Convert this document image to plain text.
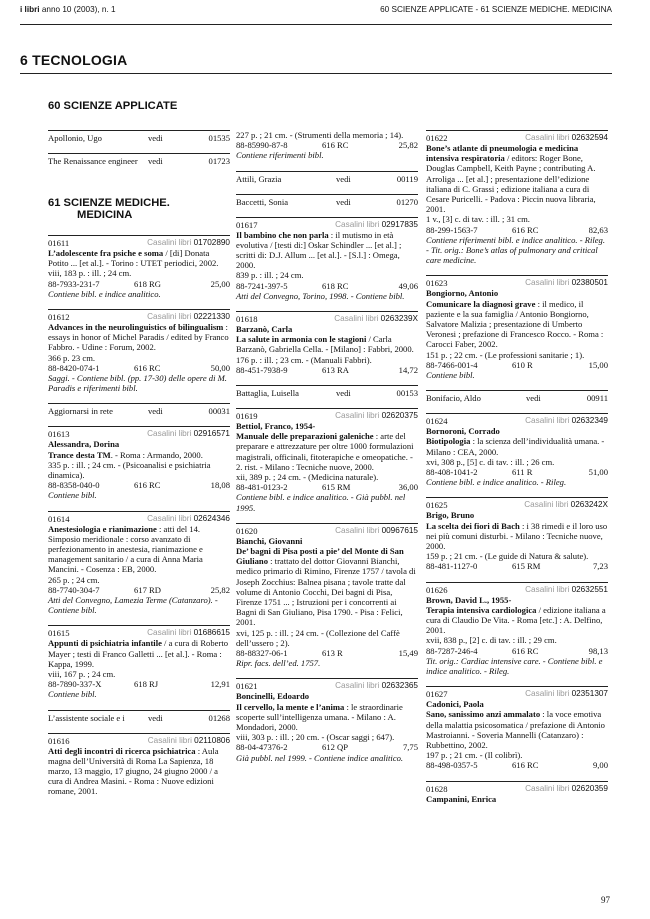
i libri anno 10 (2003), n. 1	60 SCIENZE APPLICATE - 61 SCIENZE MEDICHE. MEDICINA
6 TECNOLOGIA
60 SCIENZE APPLICATE
Apollonio, Ugo	vedi	01535
The Renaissance engineer vedi	01723
61 SCIENZE MEDICHE.
MEDICINA
01611	Casalini libri 01702890
L’adolescente fra psiche e soma / [di] Donata Potito ... [et al.]. - Torino : UTET periodici, 2002.
viii, 183 p. : ill. ; 24 cm.
88-7933-231-7	618 RG	25,00
Contiene bibl. e indice analitico.
01612	Casalini libri 02221330
Advances in the neurolinguistics of bilingualism : essays in honor of Michel Paradis / edited by Franco Fabbro. - Udine : Forum, 2002.
366 p. 23 cm.
88-8420-074-1	616 RC	50,00
Saggi. - Contiene bibl. (pp. 17-30) delle opere di M. Paradis e riferimenti bibl.
Aggiornarsi in rete	vedi	00031
01613	Casalini libri 02916571
Alessandra, Dorina
Trance desta TM. - Roma : Armando, 2000.
335 p. : ill. ; 24 cm. - (Psicoanalisi e psichiatria dinamica).
88-8358-040-0	616 RC	18,08
Contiene bibl.
01614	Casalini libri 02624346
Anestesiologia e rianimazione : atti del 14. Simposio meridionale : corso avanzato di perfezionamento in anestesia, rianimazione e management sanitario / a cura di Anna Maria Mancini. - Cosenza : EB, 2000.
265 p. ; 24 cm.
88-7740-304-7	617 RD	25,82
Atti del Convegno, Lamezia Terme (Catanzaro). - Contiene bibl.
01615	Casalini libri 01686615
Appunti di psichiatria infantile / a cura di Roberto Mayer ; testi di Franco Galletti ... [et al.]. - Roma : Kappa, 1999.
viii, 167 p. ; 24 cm.
88-7890-337-X	618 RJ	12,91
Contiene bibl.
L’assistente sociale e i	vedi	01268
01616	Casalini libri 02110806
Atti degli incontri di ricerca psichiatrica : Aula magna dell’Università di Roma La Sapienza, 18 marzo, 13 maggio, 17 giugno, 24 giugno 2000 / a cura di Andrea Masini. - Roma : Nuove edizioni romane, 2001.
227 p. ; 21 cm. - (Strumenti della memoria ; 14).
88-85990-87-8	616 RC	25,82
Contiene riferimenti bibl.
Attili, Grazia	vedi	00119
Baccetti, Sonia	vedi	01270
01617	Casalini libri 02917835
Il bambino che non parla : il mutismo in età evolutiva / [testi di:] Oskar Schindler ... [et al.] ; scritti di: D.J. Allum ... [et al.]. - [S.l.] : Omega, 2000.
839 p. : ill. ; 24 cm.
88-7241-397-5	618 RC	49,06
Atti del Convegno, Torino, 1998. - Contiene bibl.
01618	Casalini libri 0263239X
Barzanò, Carla
La salute in armonia con le stagioni / Carla Barzanò, Gabriella Cella. - [Milano] : Fabbri, 2000.
176 p. : ill. ; 23 cm. - (Manuali Fabbri).
88-451-7938-9	613 RA	14,72
Battaglia, Luisella	vedi	00153
01619	Casalini libri 02620375
Bettiol, Franco, 1954-
Manuale delle preparazioni galeniche : arte del preparare e attrezzature per oltre 1000 formulazioni magistrali, officinali, fitoterapiche e omeopatiche. - 2. rist. - Milano : Tecniche nuove, 2000.
xii, 389 p. ; 24 cm. - (Medicina naturale).
88-481-0123-2	615 RM	36,00
Contiene bibl. e indice analitico. - Già pubbl. nel 1995.
01620	Casalini libri 00967615
Bianchi, Giovanni
De’ bagni di Pisa posti a pie’ del Monte di San Giuliano : trattato del dottor Giovanni Bianchi, medico primario di Rimino, Firenze 1757 / tavola di Joseph Zocchius: Balnea pisana ; tavole tratte dal volume di Antonio Cocchi, Dei bagni di Pisa, Firenze 1751 ... ; Istruzioni per i concorrenti ai Bagni di San Giuliano, Pisa 1790. - Pisa : Felici, 2001.
xvi, 125 p. : ill. ; 24 cm. - (Collezione del Caffè dell’ussero ; 2).
88-88327-06-1	613 R	15,49
Ripr. facs. dell’ed. 1757.
01621	Casalini libri 02632365
Boncinelli, Edoardo
Il cervello, la mente e l’anima : le straordinarie scoperte sull’intelligenza umana. - Milano : A. Mondadori, 2000.
viii, 303 p. : ill. ; 20 cm. - (Oscar saggi ; 647).
88-04-47376-2	612 QP	7,75
Già pubbl. nel 1999. - Contiene indice analitico.
01622	Casalini libri 02632594
Bone’s atlante di pneumologia e medicina intensiva respiratoria / editors: Roger Bone, Douglas Campbell, Keith Payne ; contributing A. Arroliga ... [et al.] ; presentazione dell’edizione italiana di C. Grassi ; edizione italiana a cura di Cesare Puricelli. - Padova : Piccin nuova libraria, 2001.
1 v., [3] c. di tav. : ill. ; 31 cm.
88-299-1563-7	616 RC	82,63
Contiene riferimenti bibl. e indice analitico. - Rileg. - Tit. orig.: Bone’s atlas of pulmonary and critical care medicine.
01623	Casalini libri 02380501
Bongiorno, Antonio
Comunicare la diagnosi grave : il medico, il paziente e la sua famiglia / Antonio Bongiorno, Salvatore Malizia ; presentazione di Umberto Veronesi ; prefazione di Francesco Rocco. - Roma : Carocci Faber, 2002.
151 p. ; 22 cm. - (Le professioni sanitarie ; 1).
88-7466-001-4	610 R	15,00
Contiene bibl.
Bonifacio, Aldo	vedi	00911
01624	Casalini libri 02632349
Bornoroni, Corrado
Biotipologia : la scienza dell’individualità umana. - Milano : CEA, 2000.
xvi, 308 p., [5] c. di tav. : ill. ; 26 cm.
88-408-1041-2	611 R	51,00
Contiene bibl. e indice analitico. - Rileg.
01625	Casalini libri 0263242X
Brigo, Bruno
La scelta dei fiori di Bach : i 38 rimedi e il loro uso nei più comuni disturbi. - Milano : Tecniche nuove, 2000.
159 p. ; 21 cm. - (Le guide di Natura & salute).
88-481-1127-0	615 RM	7,23
01626	Casalini libri 02632551
Brown, David L., 1955-
Terapia intensiva cardiologica / edizione italiana a cura di Claudio De Vita. - Roma [etc.] : A. Delfino, 2001.
xvii, 838 p., [2] c. di tav. : ill. ; 29 cm.
88-7287-246-4	616 RC	98,13
Tit. orig.: Cardiac intensive care. - Contiene bibl. e indice analitico. - Rileg.
01627	Casalini libri 02351307
Cadonici, Paola
Sano, sanissimo anzi ammalato : la voce emotiva della malattia psicosomatica / prefazione di Antonio Mastroianni. - Soveria Mannelli (Catanzaro) : Rubbettino, 2002.
197 p. ; 21 cm. - (Il colibrì).
88-498-0357-5	616 RC	9,00
01628	Casalini libri 02620359
Campanini, Enrica
97
